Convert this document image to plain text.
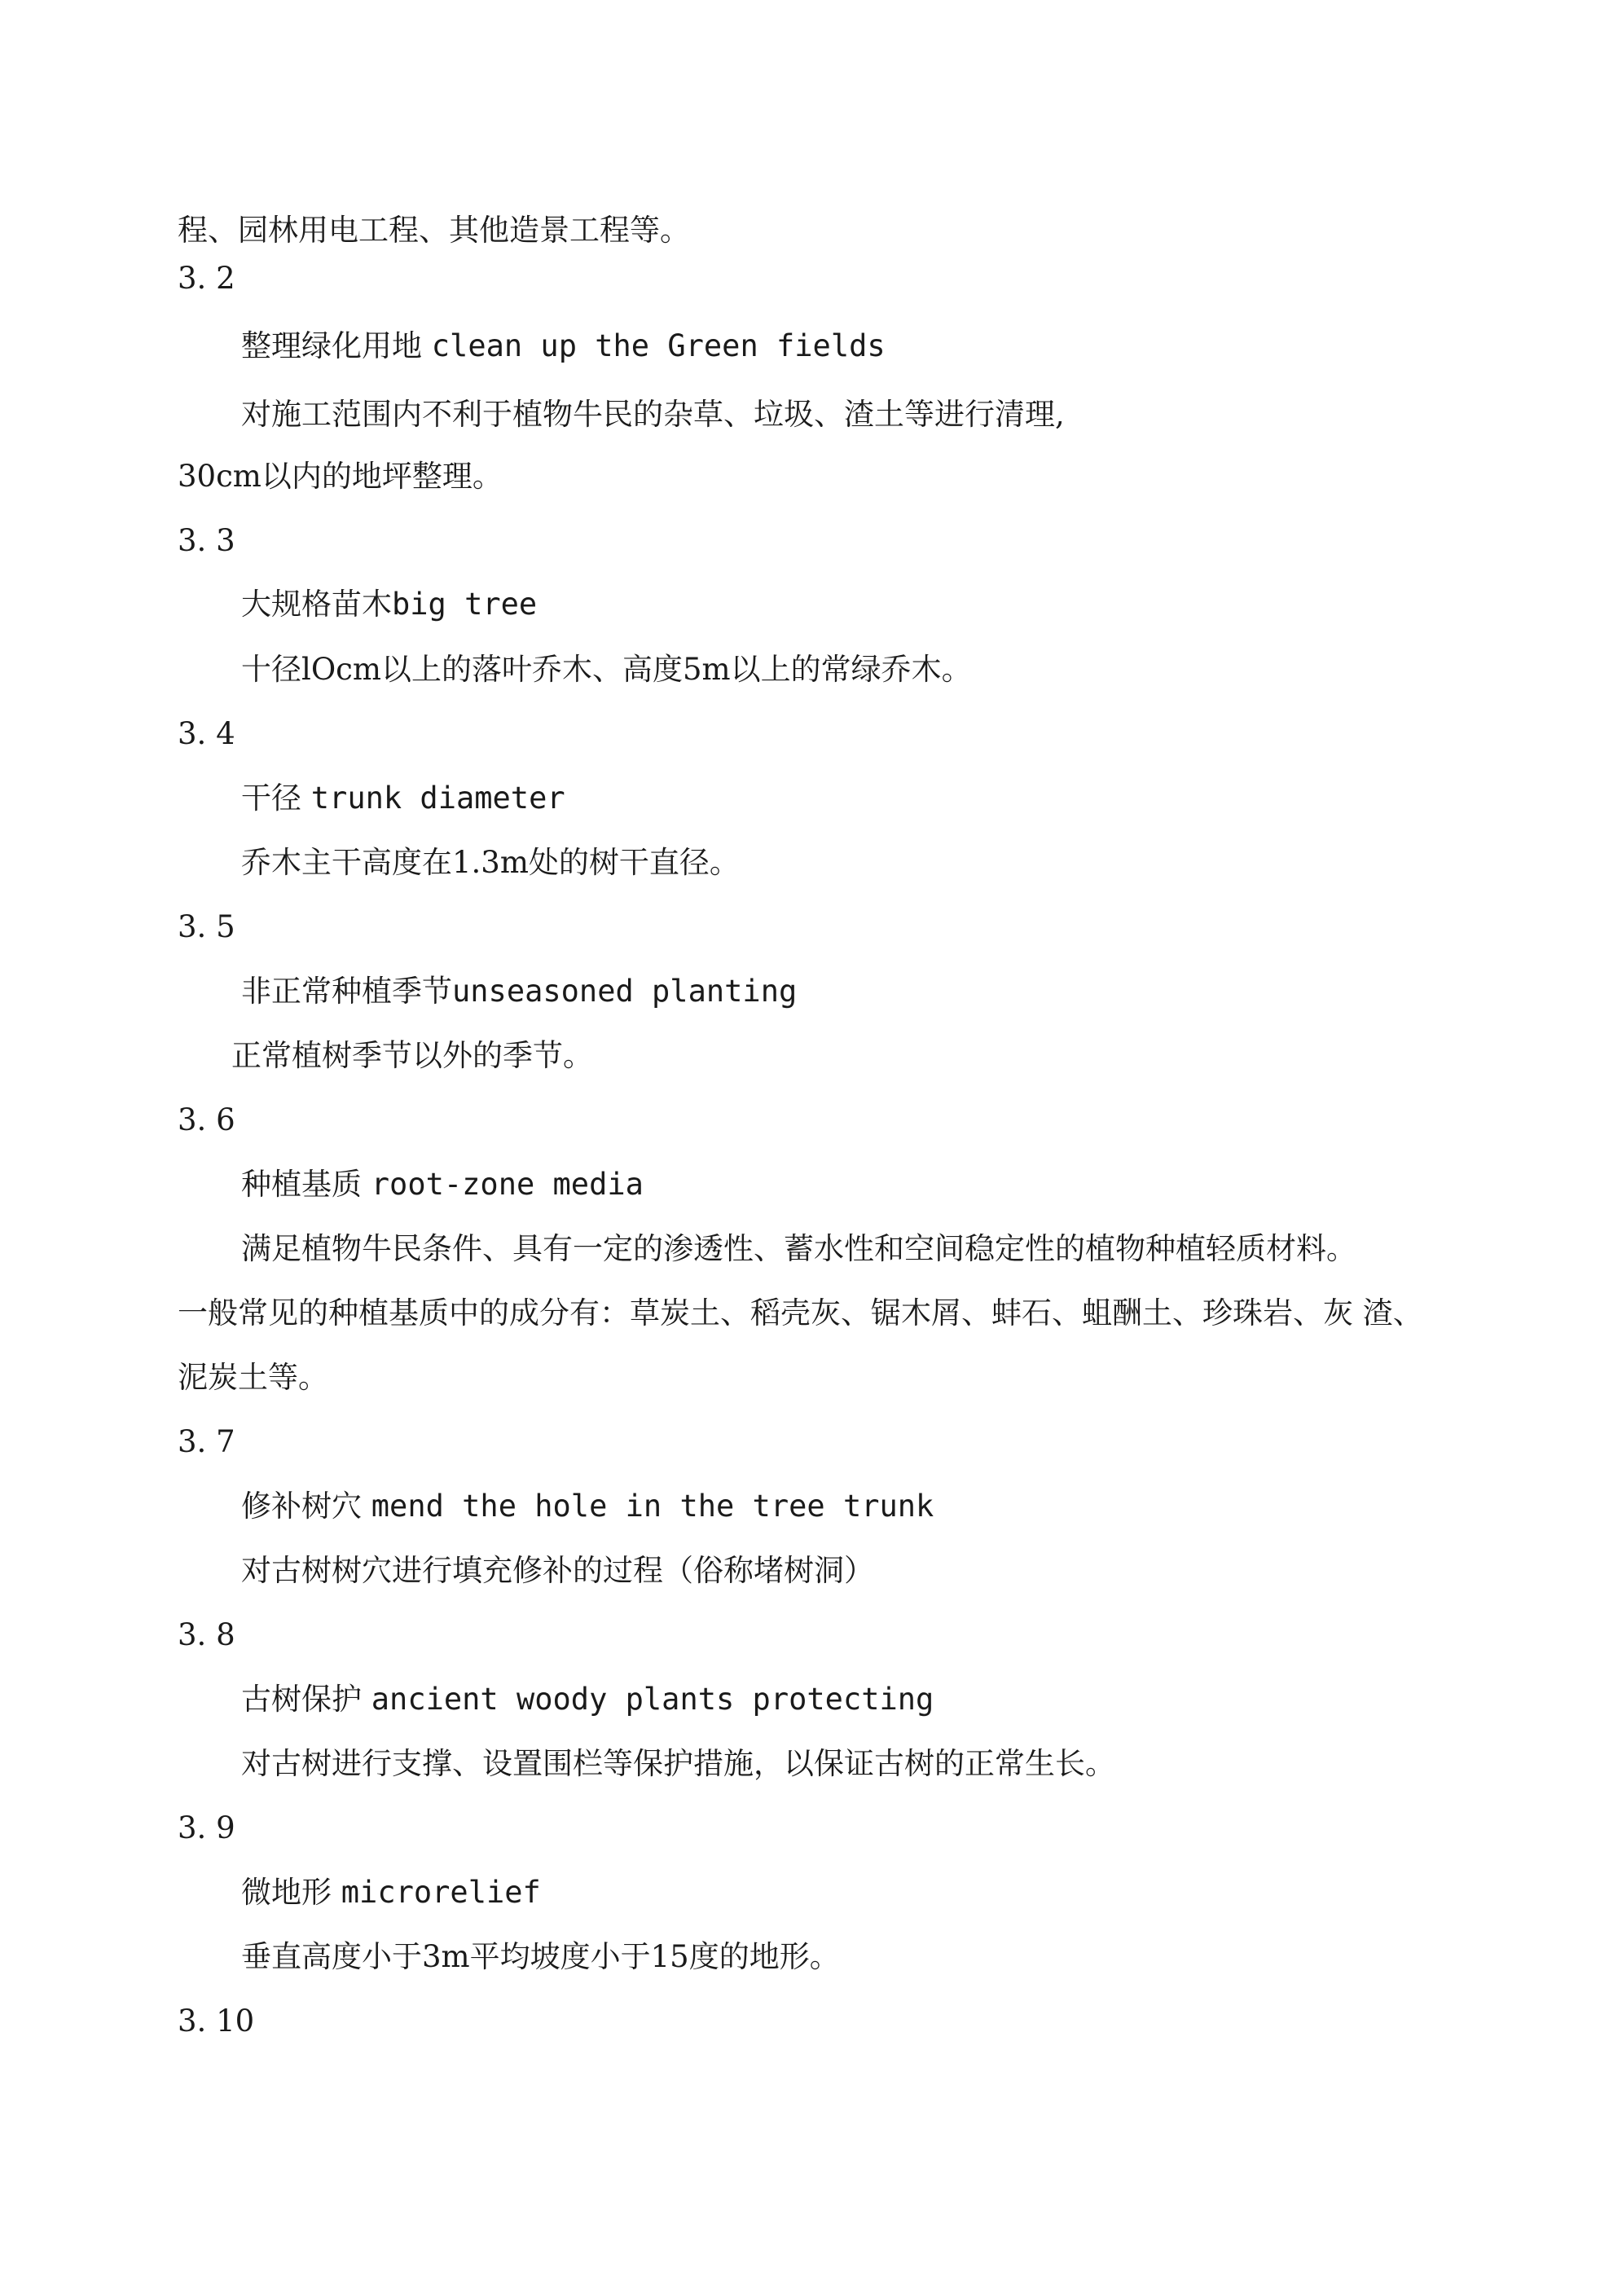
程、园林用电工程、其他造景工程等。
3. 2
整理绿化用地 clean up the Green fields
对施工范围内不利于植物牛民的杂草、垃圾、渣土等进行清理,
30cm以内的地坪整理。
3. 3
大规格苗木big tree
十径lOcm以上的落叶乔木、高度5m以上的常绿乔木。
3. 4
干径 trunk diameter
乔木主干高度在1.3m处的树干直径。
3. 5
非正常种植季节unseasoned planting
正常植树季节以外的季节。
3. 6
种植基质 root-zone media
满足植物牛民条件、具有一定的渗透性、蓄水性和空间稳定性的植物种植轻质材料。
一般常见的种植基质中的成分有：草炭土、稻壳灰、锯木屑、蚌石、蛆酬土、珍珠岩、灰 渣、
泥炭土等。
3. 7
修补树穴 mend the hole in the tree trunk
对古树树穴进行填充修补的过程（俗称堵树洞）
3. 8
古树保护 ancient woody plants protecting
对古树进行支撑、设置围栏等保护措施，以保证古树的正常生长。
3. 9
微地形 microrelief
垂直高度小于3m平均坡度小于15度的地形。
3. 10
